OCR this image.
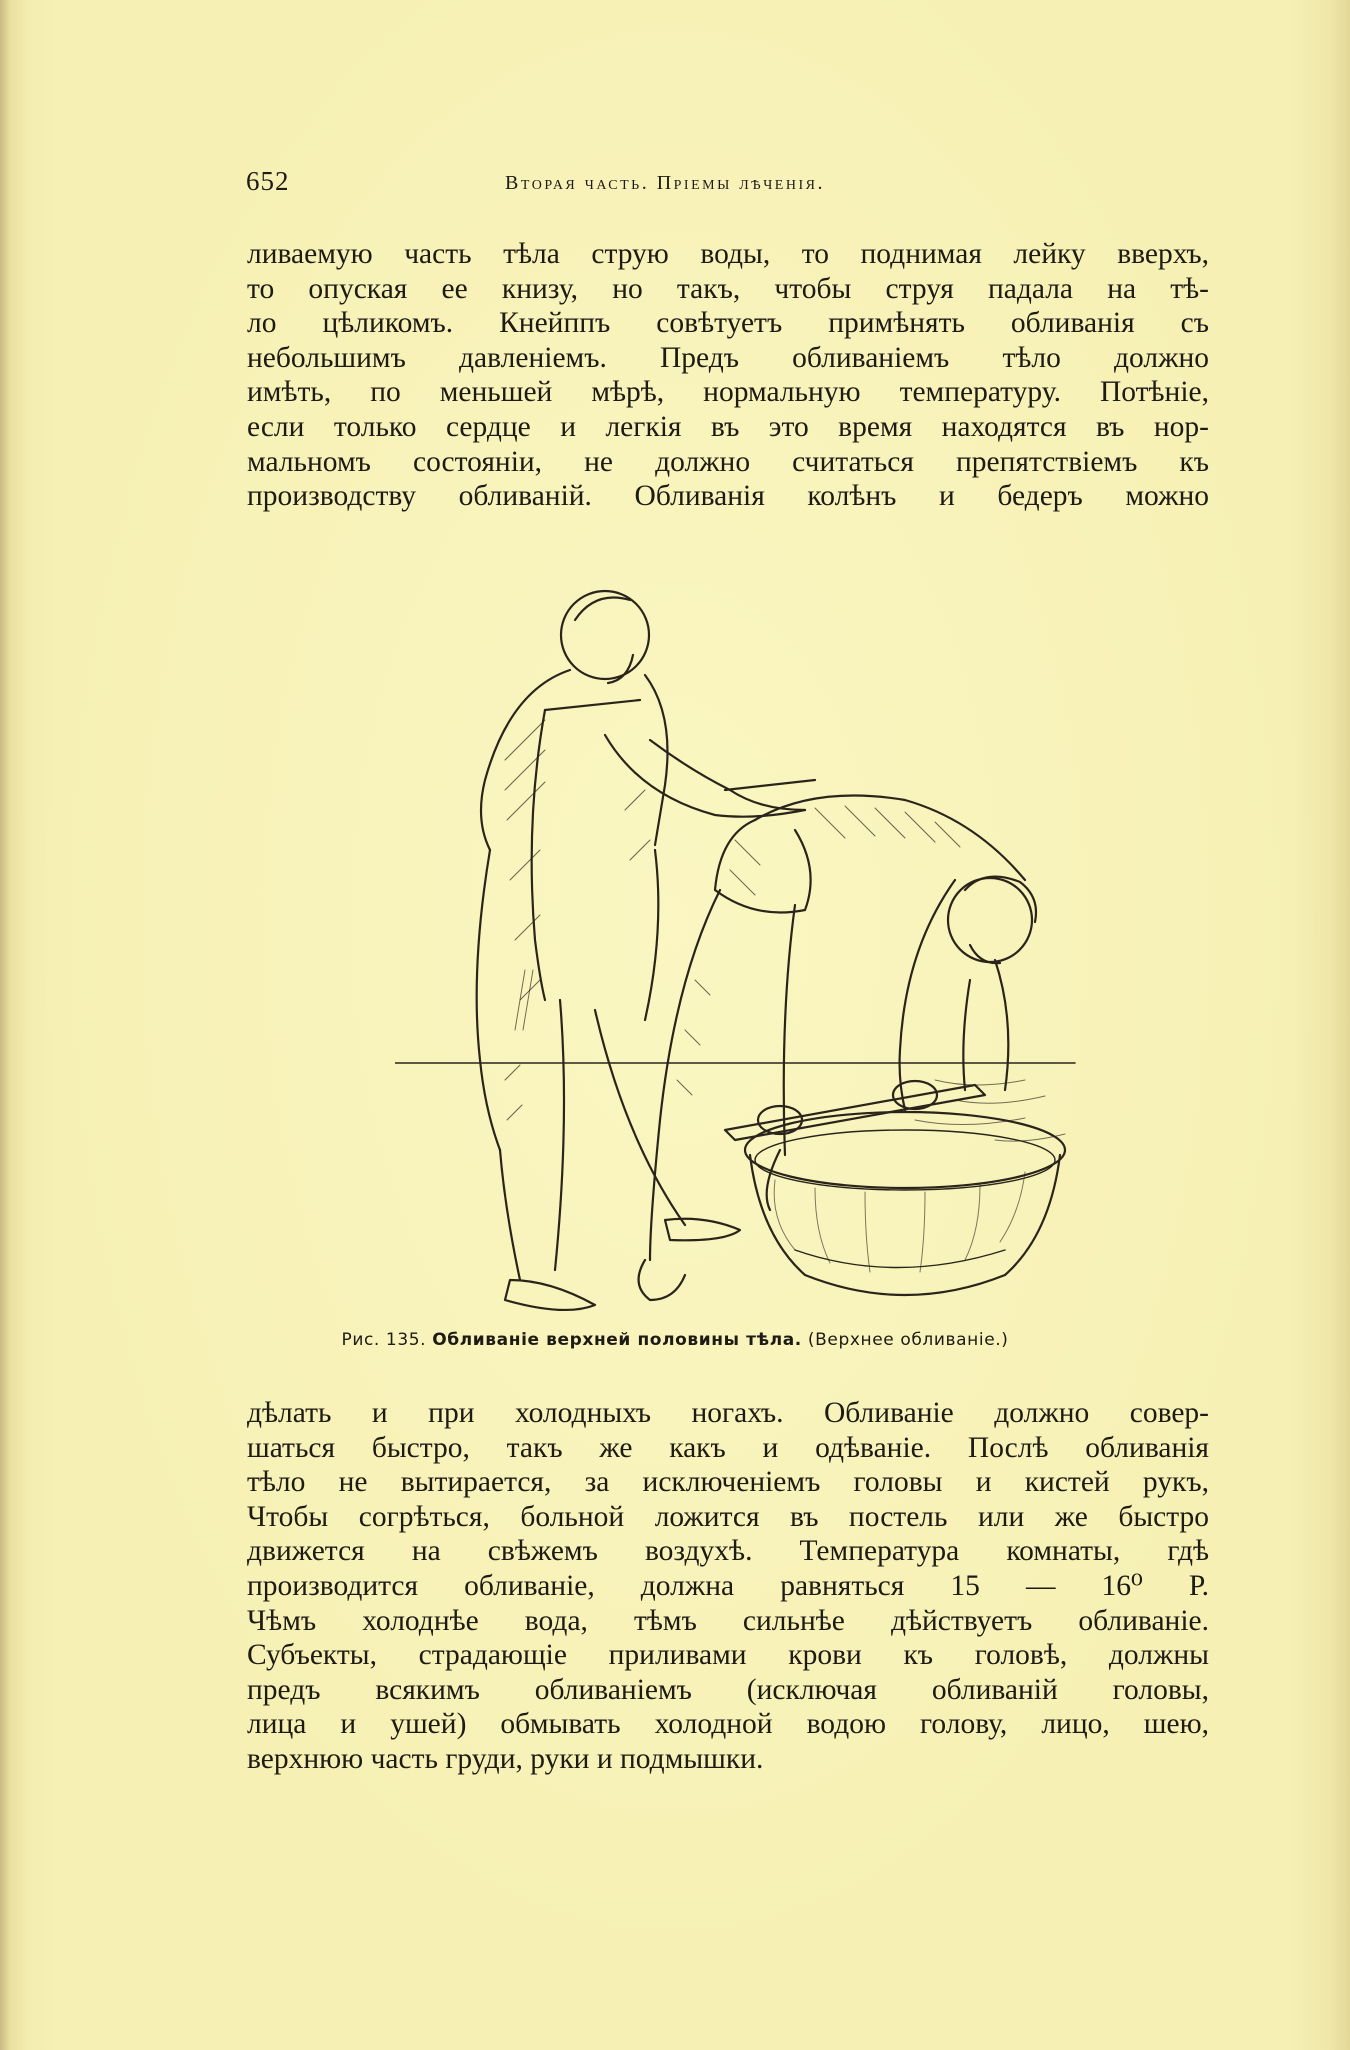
652	Вторая часть. Пріемы лѣченія.
ливаемую часть тѣла струю воды, то поднимая лейку вверхъ,
то опуская ее книзу, но такъ, чтобы струя падала на тѣ-
ло цѣликомъ. Кнейппъ совѣтуетъ примѣнять обливанія съ
небольшимъ давленіемъ. Предъ обливаніемъ тѣло должно
имѣть, по меньшей мѣрѣ, нормальную температуру. Потѣніе,
если только сердце и легкія въ это время находятся въ нор-
мальномъ состояніи, не должно считаться препятствіемъ къ
производству обливаній. Обливанія колѣнъ и бедеръ можно
Рис. 135. Обливаніе верхней половины тѣла. (Верхнее обливаніе.)
дѣлать и при холодныхъ ногахъ. Обливаніе должно совер-
шаться быстро, такъ же какъ и одѣваніе. Послѣ обливанія
тѣло не вытирается, за исключеніемъ головы и кистей рукъ,
Чтобы согрѣться, больной ложится въ постель или же быстро
движется на свѣжемъ воздухѣ. Температура комнаты, гдѣ
производится обливаніе, должна равняться 15 — 16⁰ Р.
Чѣмъ холоднѣе вода, тѣмъ сильнѣе дѣйствуетъ обливаніе.
Субъекты, страдающіе приливами крови къ головѣ, должны
предъ всякимъ обливаніемъ (исключая обливаній головы,
лица и ушей) обмывать холодной водою голову, лицо, шею,
верхнюю часть груди, руки и подмышки.
